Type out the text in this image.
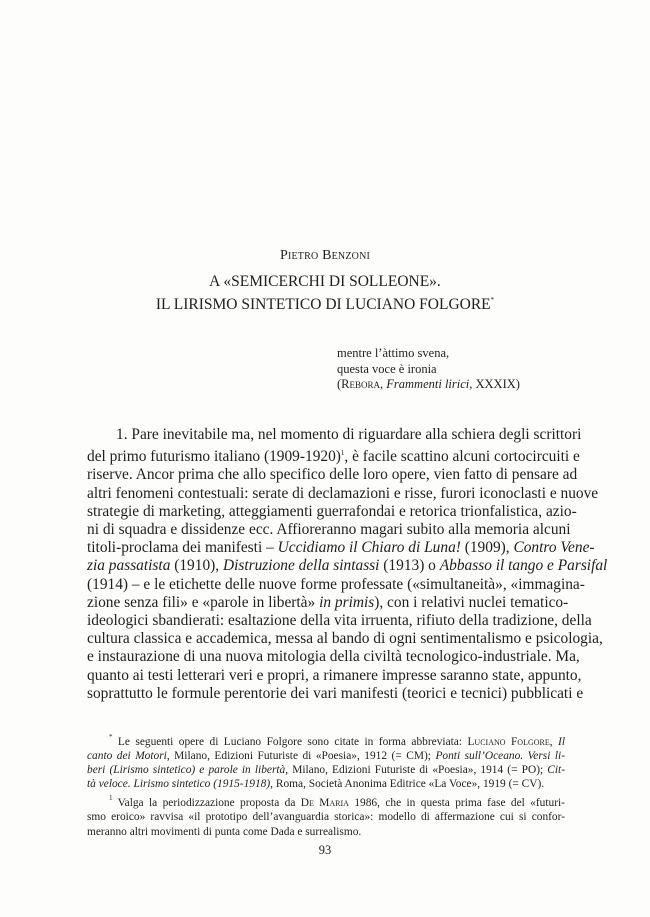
Pietro Benzoni
A «SEMICERCHI DI SOLLEONE».
IL LIRISMO SINTETICO DI LUCIANO FOLGORE*
mentre l’àttimo svena,
questa voce è ironia
(Rebora, Frammenti lirici, XXXIX)
1. Pare inevitabile ma, nel momento di riguardare alla schiera degli scrittori
del primo futurismo italiano (1909-1920)$^1$, è facile scattino alcuni cortocircuiti e
riserve. Ancor prima che allo specifico delle loro opere, vien fatto di pensare ad
altri fenomeni contestuali: serate di declamazioni e risse, furori iconoclasti e nuove
strategie di marketing, atteggiamenti guerrafondai e retorica trionfalistica, azio-
ni di squadra e dissidenze ecc. Affioreranno magari subito alla memoria alcuni
titoli-proclama dei manifesti – Uccidiamo il Chiaro di Luna! (1909), Contro Vene-
zia passatista (1910), Distruzione della sintassi (1913) o Abbasso il tango e Parsifal
(1914) – e le etichette delle nuove forme professate («simultaneità», «immagina-
zione senza fili» e «parole in libertà» in primis), con i relativi nuclei tematico-
ideologici sbandierati: esaltazione della vita irruenta, rifiuto della tradizione, della
cultura classica e accademica, messa al bando di ogni sentimentalismo e psicologia,
e instaurazione di una nuova mitologia della civiltà tecnologico-industriale. Ma,
quanto ai testi letterari veri e propri, a rimanere impresse saranno state, appunto,
soprattutto le formule perentorie dei vari manifesti (teorici e tecnici) pubblicati e
* Le seguenti opere di Luciano Folgore sono citate in forma abbreviata: Luciano Folgore, Il
canto dei Motori, Milano, Edizioni Futuriste di «Poesia», 1912 (= CM); Ponti sull’Oceano. Versi li-
beri (Lirismo sintetico) e parole in libertà, Milano, Edizioni Futuriste di «Poesia», 1914 (= PO); Cit-
tà veloce. Lirismo sintetico (1915-1918), Roma, Società Anonima Editrice «La Voce», 1919 (= CV).
$^1$ Valga la periodizzazione proposta da De Maria 1986, che in questa prima fase del «futuri-
smo eroico» ravvisa «il prototipo dell’avanguardia storica»: modello di affermazione cui si confor-
meranno altri movimenti di punta come Dada e surrealismo.
93
